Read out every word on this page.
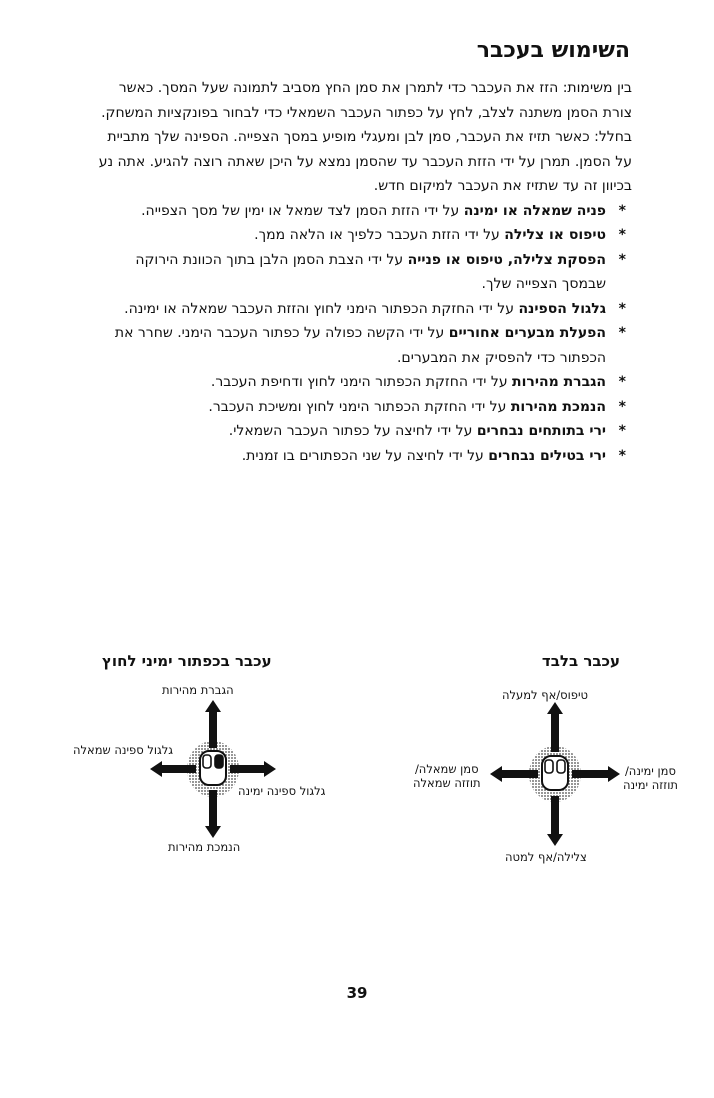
השימוש בעכבר

בין משימות: הזז את העכבר כדי לתמרן את סמן החץ מסביב לתמונה שעל המסך. כאשר צורת הסמן משתנה לצלב, לחץ על כפתור העכבר השמאלי כדי לבחור בפונקציות המשחק.

בחלל: כאשר תזיז את העכבר, סמן לבן ומעגלי מופיע במסך הצפייה. הספינה שלך מתביית על הסמן. תמרן על ידי הזזת העכבר עד שהסמן נמצא על היכן שאתה רוצה להגיע. אתה נע בכיוון זה עד שתזיז את העכבר למיקום חדש.

*
פניה שמאלה או ימינה על ידי הזזת הסמן לצד שמאל או ימין של מסך הצפייה.
*
טיפוס או צלילה על ידי הזזת העכבר כלפיך או הלאה ממך.
*
הפסקת צלילה, טיפוס או פנייה על ידי הצבת הסמן הלבן בתוך הכוונת הירוקה שבמסך הצפייה שלך.
*
גלגול הספינה על ידי החזקת הכפתור הימני לחוץ והזזת העכבר שמאלה או ימינה.
*
הפעלת מבערים אחוריים על ידי הקשה כפולה על כפתור העכבר הימני. שחרר את הכפתור כדי להפסיק את המבערים.
*
הגברת מהירות על ידי החזקת הכפתור הימני לחוץ ודחיפת העכבר.
*
הנמכת מהירות על ידי החזקת הכפתור הימני לחוץ ומשיכת העכבר.
*
ירי בתותחים נבחרים על ידי לחיצה על כפתור העכבר השמאלי.
*
ירי בטילים נבחרים על ידי לחיצה על שני הכפתורים בו זמנית.
עכבר בלבד
טיפוס/אף למעלה
צלילה/אף למטה
סמן שמאלה/
תוזזה שמאלה
סמן ימינה/
תוזזה ימינה
עכבר בכפתור ימיני לחוץ
הגברת מהירות
הנמכת מהירות
גלגול ספינה שמאלה
גלגול ספינה ימינה
39
